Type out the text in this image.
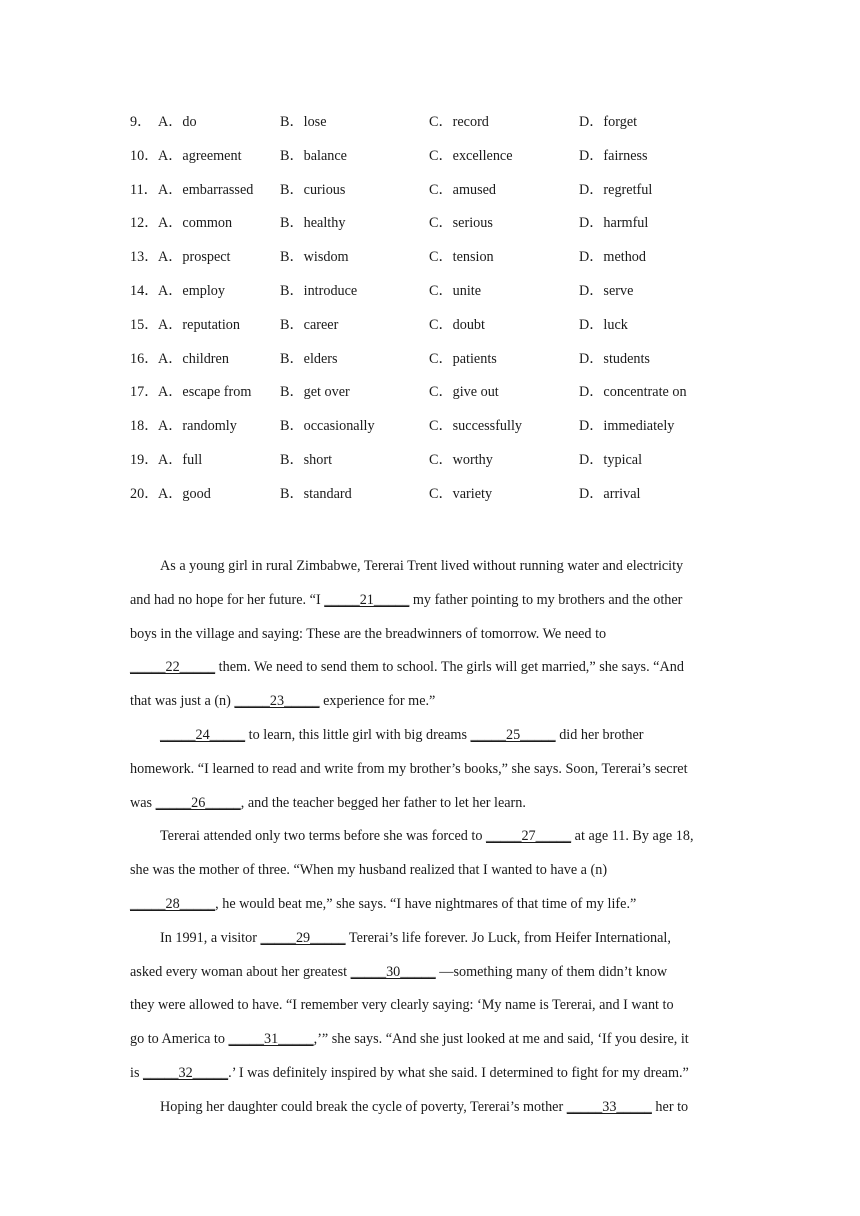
9． A．do	B．lose	C．record	D．forget
10． A．agreement	B．balance	C．excellence	D．fairness
11． A．embarrassed B．curious	C．amused	D．regretful
12． A．common	B．healthy	C．serious	D．harmful
13． A．prospect	B．wisdom	C．tension	D．method
14． A．employ	B．introduce	C．unite	D．serve
15． A．reputation	B．career	C．doubt	D．luck
16． A．children	B．elders	C．patients	D．students
17． A．escape from B．get over	C．give out	D．concentrate on
18． A．randomly	B．occasionally	C．successfully	D．immediately
19． A．full	B．short	C．worthy	D．typical
20． A．good	B．standard	C．variety	D．arrival
As a young girl in rural Zimbabwe, Tererai Trent lived without running water and electricity
and had no hope for her future. “I _____21_____ my father pointing to my brothers and the other
boys in the village and saying: These are the breadwinners of tomorrow. We need to
_____22_____ them. We need to send them to school. The girls will get married,” she says. “And
that was just a (n) _____23_____ experience for me.”
_____24_____ to learn, this little girl with big dreams _____25_____ did her brother
homework. “I learned to read and write from my brother’s books,” she says. Soon, Tererai’s secret
was _____26_____, and the teacher begged her father to let her learn.
Tererai attended only two terms before she was forced to _____27_____ at age 11. By age 18,
she was the mother of three. “When my husband realized that I wanted to have a (n)
_____28_____, he would beat me,” she says. “I have nightmares of that time of my life.”
In 1991, a visitor _____29_____ Tererai’s life forever. Jo Luck, from Heifer International,
asked every woman about her greatest _____30_____ —something many of them didn’t know
they were allowed to have. “I remember very clearly saying: ‘My name is Tererai, and I want to
go to America to _____31_____,’” she says. “And she just looked at me and said, ‘If you desire, it
is _____32_____.’ I was definitely inspired by what she said. I determined to fight for my dream.”
Hoping her daughter could break the cycle of poverty, Tererai’s mother _____33_____ her to
